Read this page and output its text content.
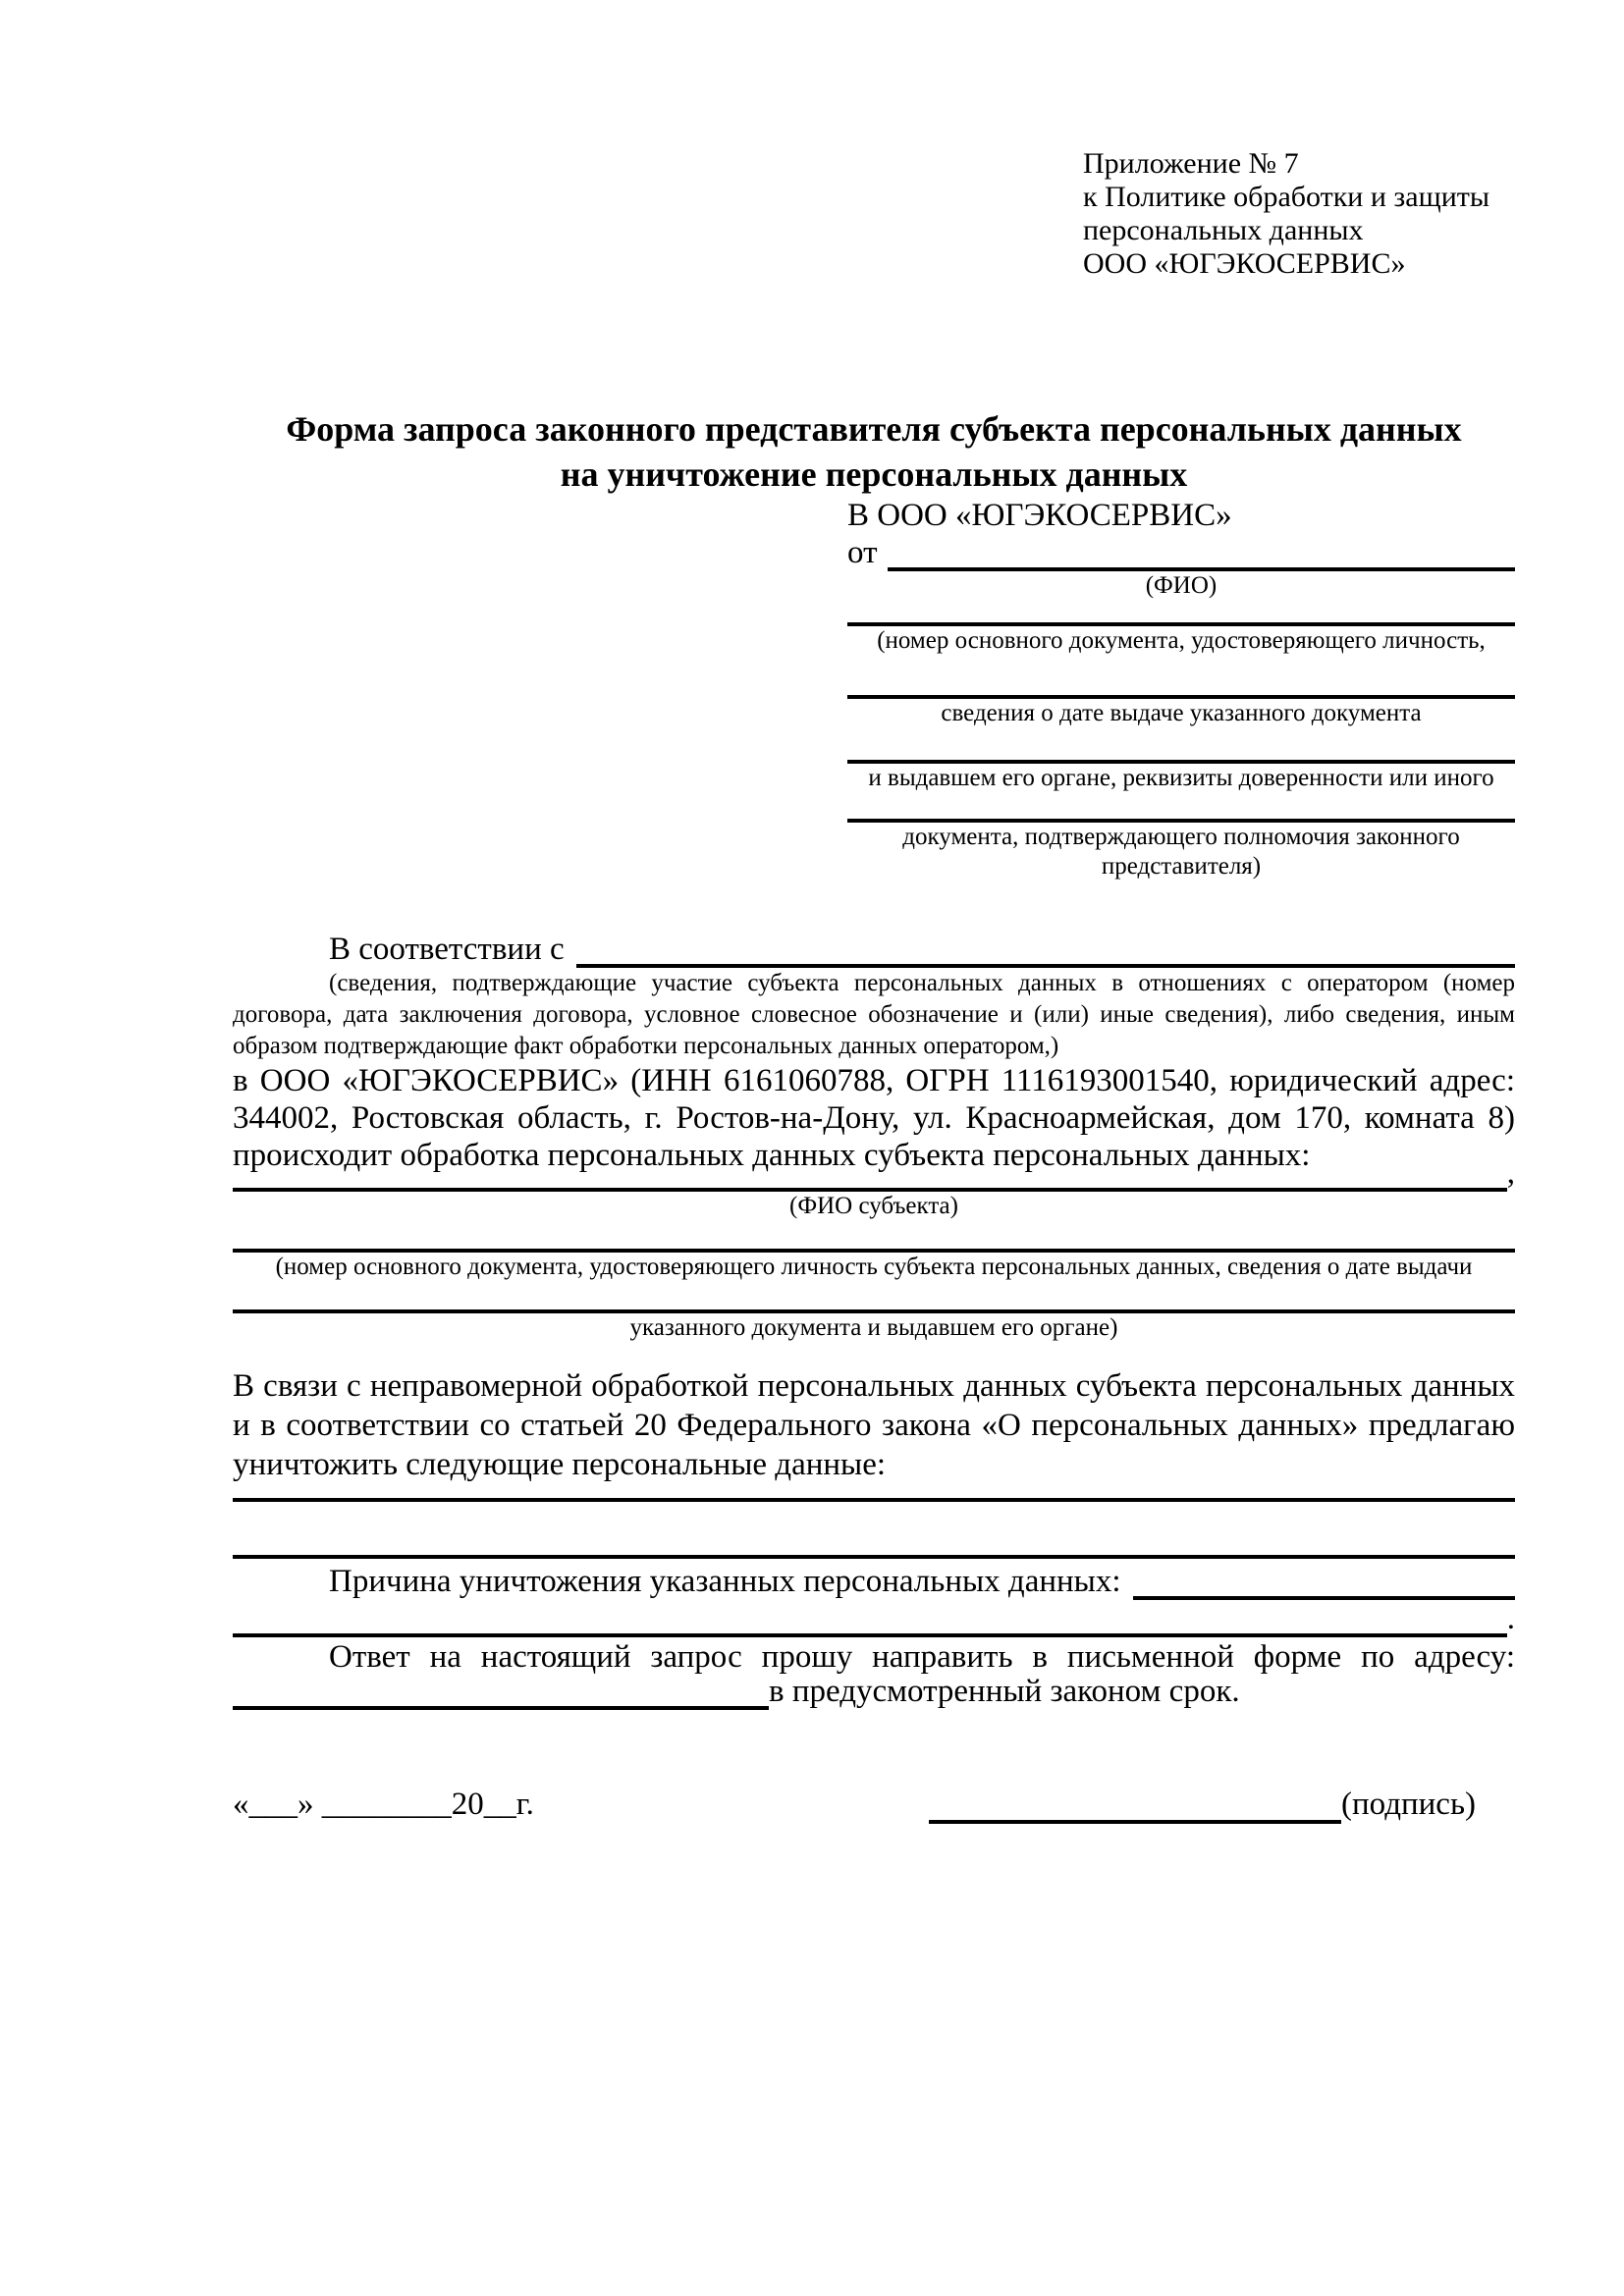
Приложение № 7
к Политике обработки и защиты
персональных данных
ООО «ЮГЭКОСЕРВИС»
Форма запроса законного представителя субъекта персональных данных
на уничтожение персональных данных
В ООО «ЮГЭКОСЕРВИС»
от
(ФИО)
(номер основного документа, удостоверяющего личность,
сведения о дате выдаче указанного документа
и выдавшем его органе, реквизиты доверенности или иного
документа, подтверждающего полномочия законного представителя)
В соответствии с
(сведения, подтверждающие участие субъекта персональных данных в отношениях с оператором (номер договора, дата заключения договора, условное словесное обозначение и (или) иные сведения), либо сведения, иным образом подтверждающие факт обработки персональных данных оператором,)
в ООО «ЮГЭКОСЕРВИС» (ИНН 6161060788, ОГРН 1116193001540, юридический адрес: 344002, Ростовская область, г. Ростов-на-Дону, ул. Красноармейская, дом 170, комната 8) происходит обработка персональных данных субъекта персональных данных:	,
(ФИО субъекта)
(номер основного документа, удостоверяющего личность субъекта персональных данных, сведения о дате выдачи
указанного документа и выдавшем его органе)
В связи с неправомерной обработкой персональных данных субъекта персональных данных и в соответствии со статьей 20 Федерального закона «О персональных данных» предлагаю уничтожить следующие персональные данные:
Причина уничтожения указанных персональных данных:
.
Ответ на настоящий запрос прошу направить в письменной форме по адресу:
в предусмотренный законом срок.
«___» ________20__г.	(подпись)
